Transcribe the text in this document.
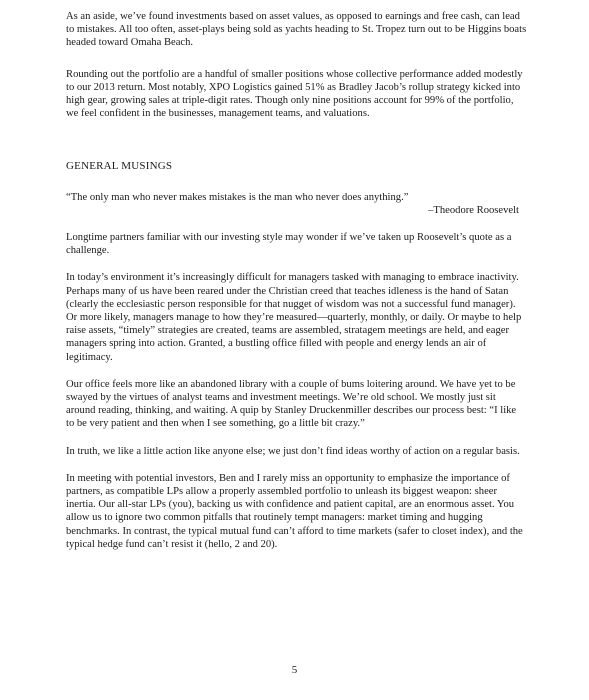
As an aside, we’ve found investments based on asset values, as opposed to earnings and free cash, can lead to mistakes. All too often, asset-plays being sold as yachts heading to St. Tropez turn out to be Higgins boats headed toward Omaha Beach.

Rounding out the portfolio are a handful of smaller positions whose collective performance added modestly to our 2013 return. Most notably, XPO Logistics gained 51% as Bradley Jacob’s rollup strategy kicked into high gear, growing sales at triple-digit rates. Though only nine positions account for 99% of the portfolio, we feel confident in the businesses, management teams, and valuations.

GENERAL MUSINGS

“The only man who never makes mistakes is the man who never does anything.”

–Theodore Roosevelt

Longtime partners familiar with our investing style may wonder if we’ve taken up Roosevelt’s quote as a challenge.

In today’s environment it’s increasingly difficult for managers tasked with managing to embrace inactivity. Perhaps many of us have been reared under the Christian creed that teaches idleness is the hand of Satan (clearly the ecclesiastic person responsible for that nugget of wisdom was not a successful fund manager). Or more likely, managers manage to how they’re measured—quarterly, monthly, or daily. Or maybe to help raise assets, “timely” strategies are created, teams are assembled, stratagem meetings are held, and eager managers spring into action. Granted, a bustling office filled with people and energy lends an air of legitimacy.

Our office feels more like an abandoned library with a couple of bums loitering around. We have yet to be swayed by the virtues of analyst teams and investment meetings. We’re old school. We mostly just sit around reading, thinking, and waiting. A quip by Stanley Druckenmiller describes our process best: “I like to be very patient and then when I see something, go a little bit crazy.”

In truth, we like a little action like anyone else; we just don’t find ideas worthy of action on a regular basis.

In meeting with potential investors, Ben and I rarely miss an opportunity to emphasize the importance of partners, as compatible LPs allow a properly assembled portfolio to unleash its biggest weapon: sheer inertia. Our all-star LPs (you), backing us with confidence and patient capital, are an enormous asset. You allow us to ignore two common pitfalls that routinely tempt managers: market timing and hugging benchmarks. In contrast, the typical mutual fund can’t afford to time markets (safer to closet index), and the typical hedge fund can’t resist it (hello, 2 and 20).

5
